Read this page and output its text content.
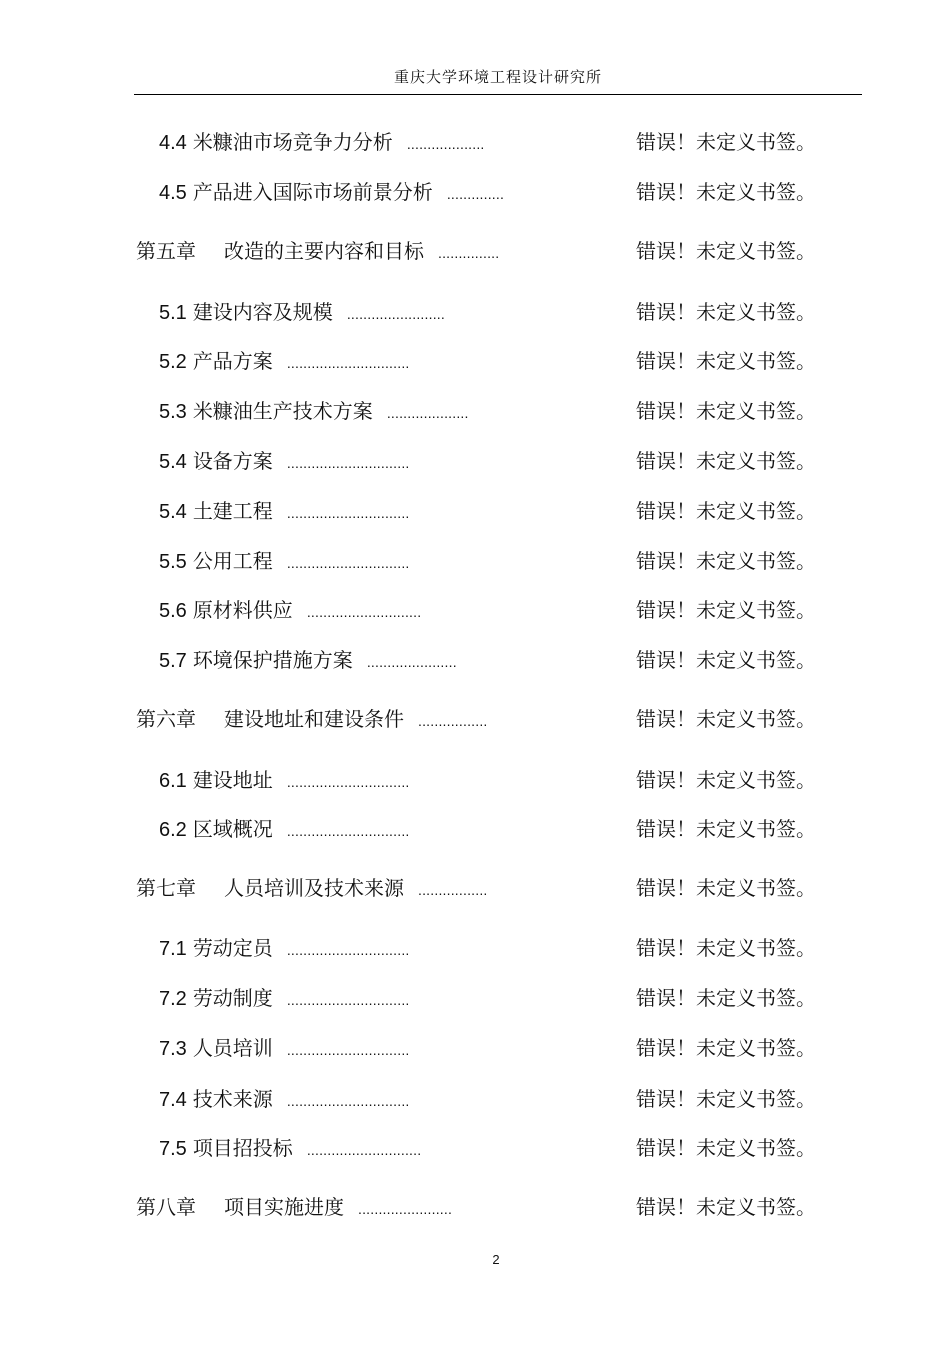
重庆大学环境工程设计研究所
4.4 米糠油市场竞争力分析 ...................	错误！未定义书签。
4.5 产品进入国际市场前景分析 ..............	错误！未定义书签。
第五章 改造的主要内容和目标 ...............	错误！未定义书签。
5.1 建设内容及规模 ........................	错误！未定义书签。
5.2 产品方案 ..............................	错误！未定义书签。
5.3 米糠油生产技术方案 ....................	错误！未定义书签。
5.4 设备方案 ..............................	错误！未定义书签。
5.4 土建工程 ..............................	错误！未定义书签。
5.5 公用工程 ..............................	错误！未定义书签。
5.6 原材料供应 ............................	错误！未定义书签。
5.7 环境保护措施方案 ......................	错误！未定义书签。
第六章 建设地址和建设条件 .................	错误！未定义书签。
6.1 建设地址 ..............................	错误！未定义书签。
6.2 区域概况 ..............................	错误！未定义书签。
第七章 人员培训及技术来源 .................	错误！未定义书签。
7.1 劳动定员 ..............................	错误！未定义书签。
7.2 劳动制度 ..............................	错误！未定义书签。
7.3 人员培训 ..............................	错误！未定义书签。
7.4 技术来源 ..............................	错误！未定义书签。
7.5 项目招投标 ............................	错误！未定义书签。
第八章 项目实施进度 .......................	错误！未定义书签。
2
